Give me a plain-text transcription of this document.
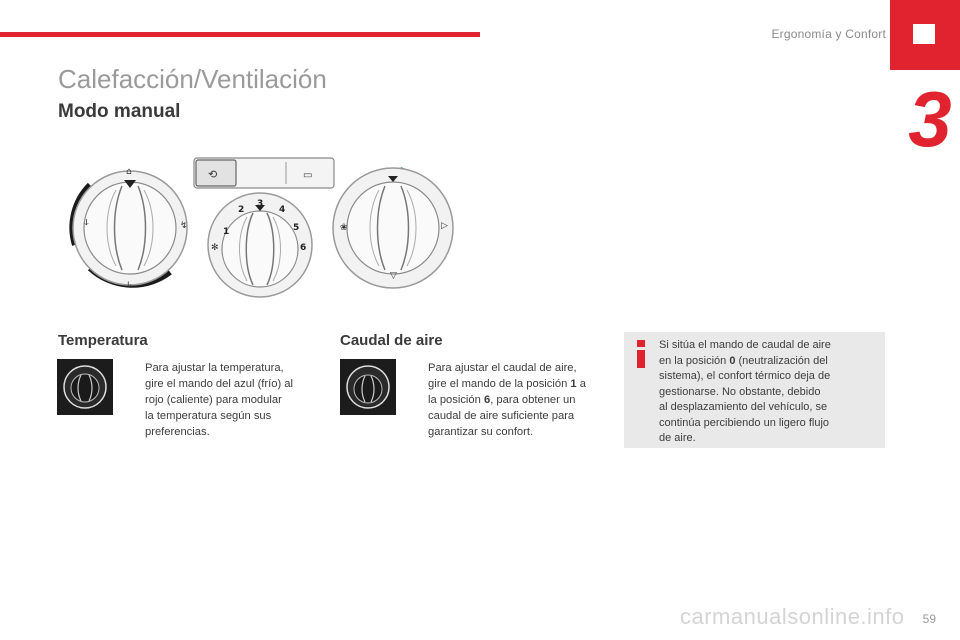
Ergonomía y Confort
3
Calefacción/Ventilación
Modo manual
ↆ	↯
↳
⌂	⟲	▭
1
2
3
4
5
6
✻
❀	▷
▽
Temperatura
Para ajustar la temperatura,
gire el mando del azul (frío) al
rojo (caliente) para modular
la temperatura según sus
preferencias.
Caudal de aire
Para ajustar el caudal de aire,
gire el mando de la posición 1 a
la posición 6, para obtener un
caudal de aire suficiente para
garantizar su confort.
Si sitúa el mando de caudal de aire
en la posición 0 (neutralización del
sistema), el confort térmico deja de
gestionarse. No obstante, debido
al desplazamiento del vehículo, se
continúa percibiendo un ligero flujo
de aire.
59
carmanualsonline.info
